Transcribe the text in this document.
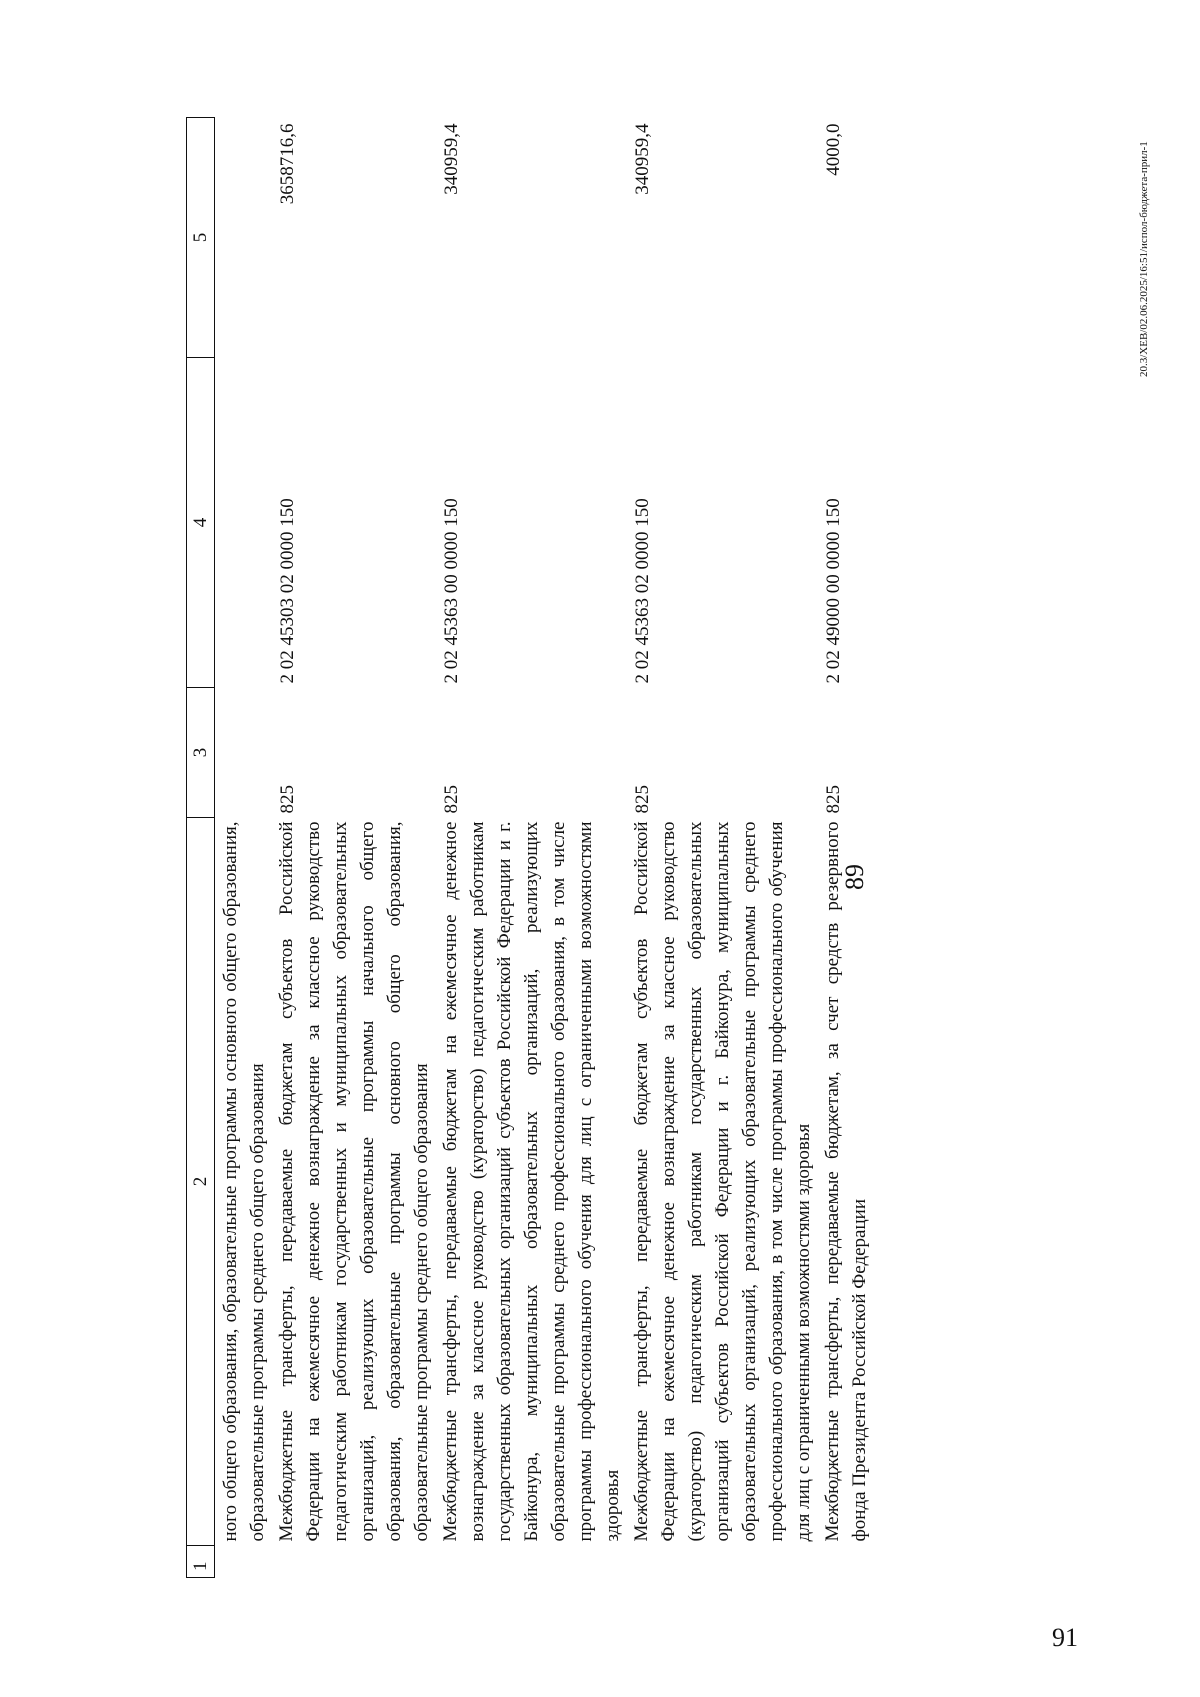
89
1	2	3	4	5
	ного общего образования, образовательные программы основного общего образования, образовательные программы среднего общего образования			
	Межбюджетные трансферты, передаваемые бюджетам субъектов Российской Федерации на ежемесячное денежное вознаграждение за классное руководство педагогическим работникам государственных и муниципальных образовательных организаций, реализующих образовательные программы начального общего образования, образовательные программы основного общего образования, образовательные программы среднего общего образования	825	2 02 45303 02 0000 150	3658716,6
	Межбюджетные трансферты, передаваемые бюджетам на ежемесячное денежное вознаграждение за классное руководство (кураторство) педагогическим работникам государственных образовательных организаций субъектов Российской Федерации и г. Байконура, муниципальных образовательных организаций, реализующих образовательные программы среднего профессионального образования, в том числе программы профессионального обучения для лиц с ограниченными возможностями здоровья	825	2 02 45363 00 0000 150	340959,4
	Межбюджетные трансферты, передаваемые бюджетам субъектов Российской Федерации на ежемесячное денежное вознаграждение за классное руководство (кураторство) педагогическим работникам государственных образовательных организаций субъектов Российской Федерации и г. Байконура, муниципальных образовательных организаций, реализующих образовательные программы среднего профессионального образования, в том числе программы профессионального обучения для лиц с ограниченными возможностями здоровья	825	2 02 45363 02 0000 150	340959,4
	Межбюджетные трансферты, передаваемые бюджетам, за счет средств резервного фонда Президента Российской Федерации	825	2 02 49000 00 0000 150	4000,0	20.3/ХЕВ/02.06.2025/16:51/испол-бюджета-прил-1
91
